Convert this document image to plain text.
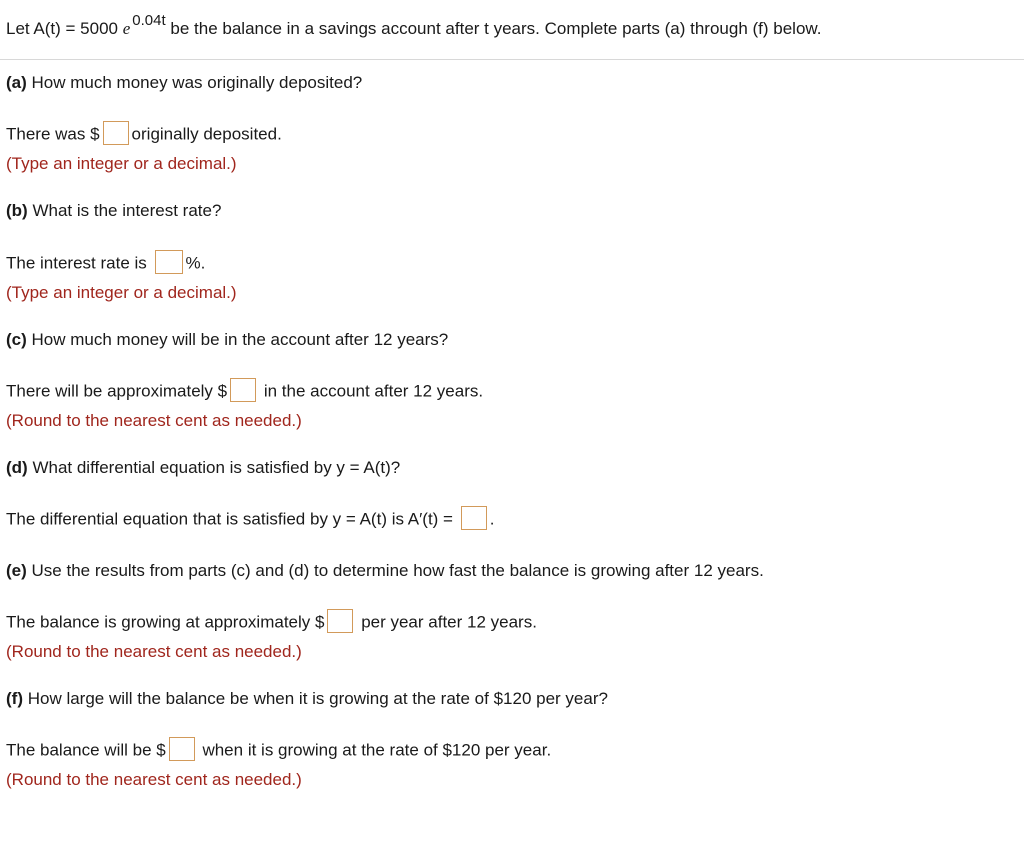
Let A(t) = 5000 e 0.04t be the balance in a savings account after t years. Complete parts (a) through (f) below.
(a) How much money was originally deposited?
There was $ originally deposited.
(Type an integer or a decimal.)
(b) What is the interest rate?
The interest rate is %.
(Type an integer or a decimal.)
(c) How much money will be in the account after 12 years?
There will be approximately $ in the account after 12 years.
(Round to the nearest cent as needed.)
(d) What differential equation is satisfied by y = A(t)?
The differential equation that is satisfied by y = A(t) is A′(t) = .
(e) Use the results from parts (c) and (d) to determine how fast the balance is growing after 12 years.
The balance is growing at approximately $ per year after 12 years.
(Round to the nearest cent as needed.)
(f) How large will the balance be when it is growing at the rate of $120 per year?
The balance will be $ when it is growing at the rate of $120 per year.
(Round to the nearest cent as needed.)
